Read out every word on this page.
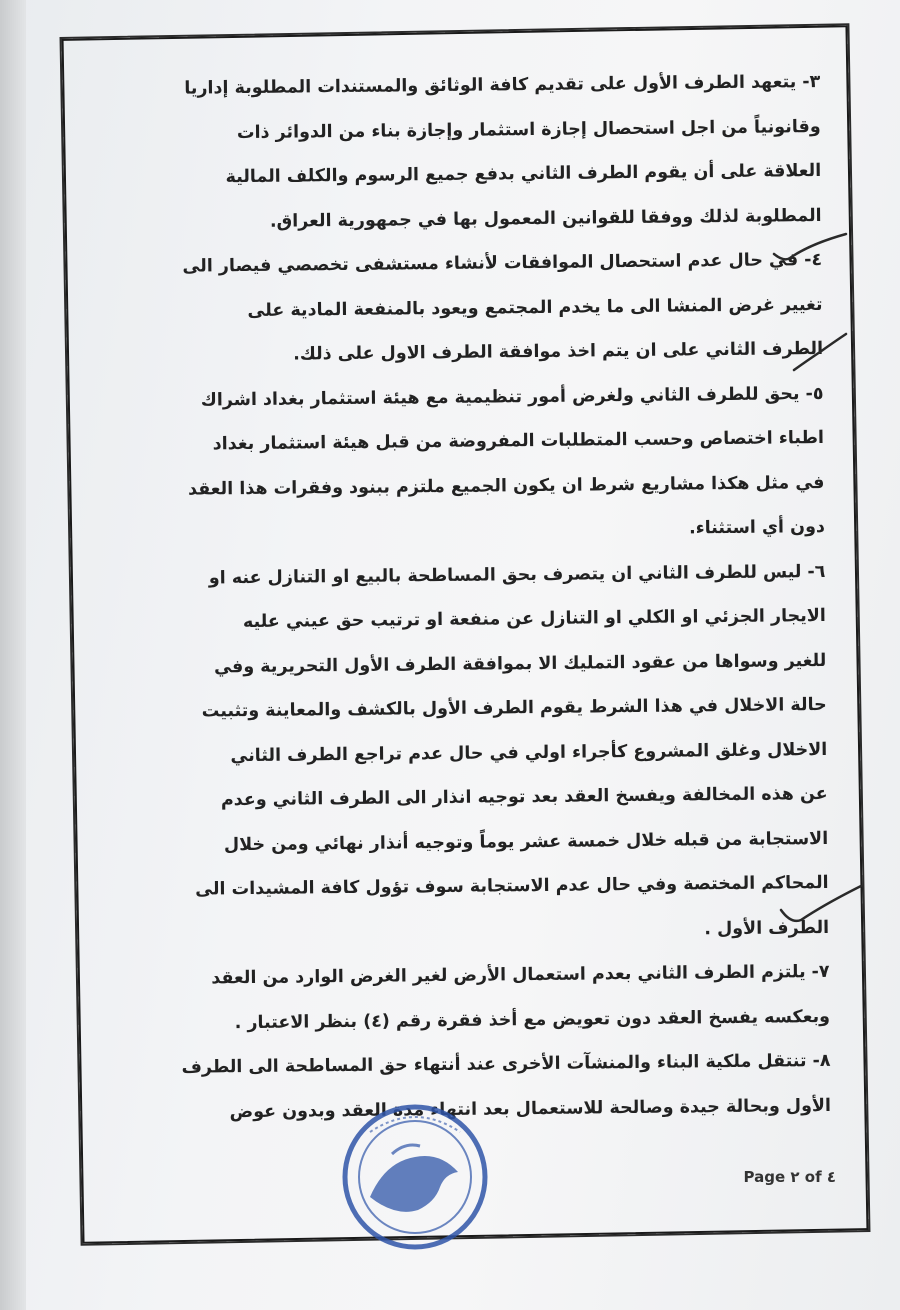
٣-يتعهد الطرف الأول على تقديم كافة الوثائق والمستندات المطلوبة إداريا

وقانونياً من اجل استحصال إجازة استثمار وإجازة بناء من الدوائر ذات

العلاقة على أن يقوم الطرف الثاني بدفع جميع الرسوم والكلف المالية

المطلوبة لذلك ووفقا للقوانين المعمول بها في جمهورية العراق.

٤-في حال عدم استحصال الموافقات لأنشاء مستشفى تخصصي فيصار الى

تغيير غرض المنشا الى ما يخدم المجتمع ويعود بالمنفعة المادية على

الطرف الثاني على ان يتم اخذ موافقة الطرف الاول على ذلك.

٥-يحق للطرف الثاني ولغرض أمور تنظيمية مع هيئة استثمار بغداد اشراك

اطباء اختصاص وحسب المتطلبات المفروضة من قبل هيئة استثمار بغداد

في مثل هكذا مشاريع شرط ان يكون الجميع ملتزم ببنود وفقرات هذا العقد

دون أي استثناء.

٦-ليس للطرف الثاني ان يتصرف بحق المساطحة بالبيع او التنازل عنه او

الايجار الجزئي او الكلي او التنازل عن منفعة او ترتيب حق عيني عليه

للغير وسواها من عقود التمليك الا بموافقة الطرف الأول التحريرية وفي

حالة الاخلال في هذا الشرط يقوم الطرف الأول بالكشف والمعاينة وتثبيت

الاخلال وغلق المشروع كأجراء اولي في حال عدم تراجع الطرف الثاني

عن هذه المخالفة ويفسخ العقد بعد توجيه انذار الى الطرف الثاني وعدم

الاستجابة من قبله خلال خمسة عشر يوماً وتوجيه أنذار نهائي ومن خلال

المحاكم المختصة وفي حال عدم الاستجابة سوف تؤول كافة المشيدات الى

الطرف الأول .

٧-يلتزم الطرف الثاني بعدم استعمال الأرض لغير الغرض الوارد من العقد

وبعكسه يفسخ العقد دون تعويض مع أخذ فقرة رقم (٤) بنظر الاعتبار .

٨-تنتقل ملكية البناء والمنشآت الأخرى عند أنتهاء حق المساطحة الى الطرف

الأول وبحالة جيدة وصالحة للاستعمال بعد انتهاء مدة العقد وبدون عوض

Page ٢ of ٤
